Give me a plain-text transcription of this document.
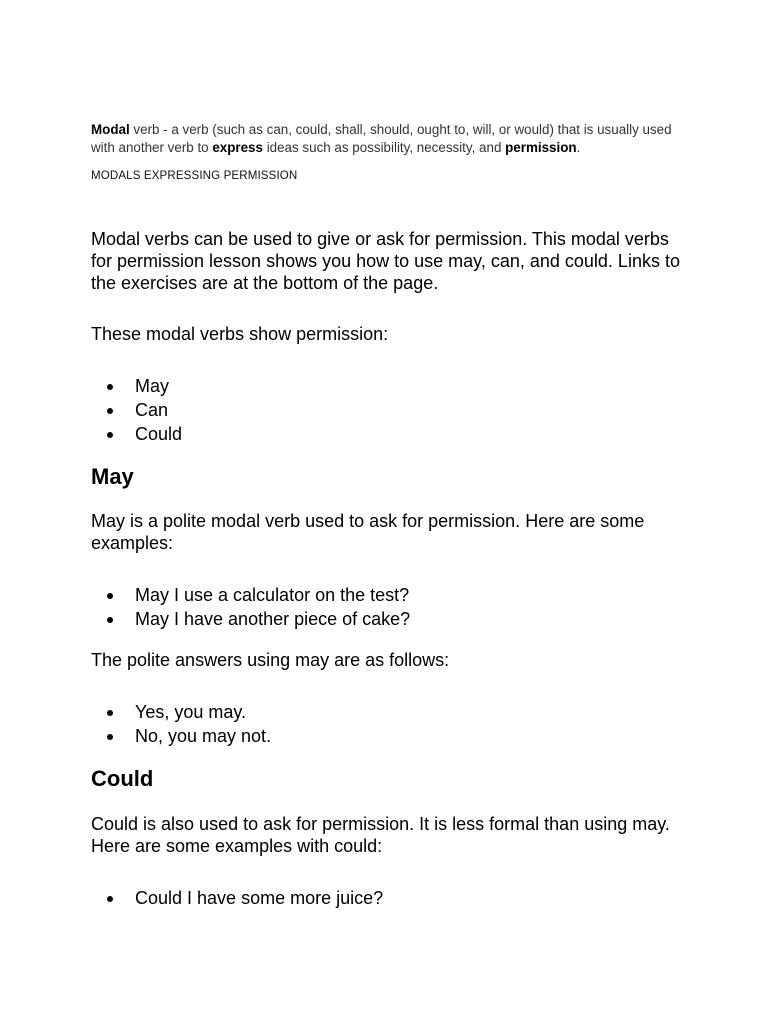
Modal verb - a verb (such as can, could, shall, should, ought to, will, or would) that is usually used with another verb to express ideas such as possibility, necessity, and permission.
MODALS EXPRESSING PERMISSION
Modal verbs can be used to give or ask for permission. This modal verbs for permission lesson shows you how to use may, can, and could. Links to the exercises are at the bottom of the page.
These modal verbs show permission:
May
Can
Could
May
May is a polite modal verb used to ask for permission. Here are some examples:
May I use a calculator on the test?
May I have another piece of cake?
The polite answers using may are as follows:
Yes, you may.
No, you may not.
Could
Could is also used to ask for permission. It is less formal than using may. Here are some examples with could:
Could I have some more juice?
